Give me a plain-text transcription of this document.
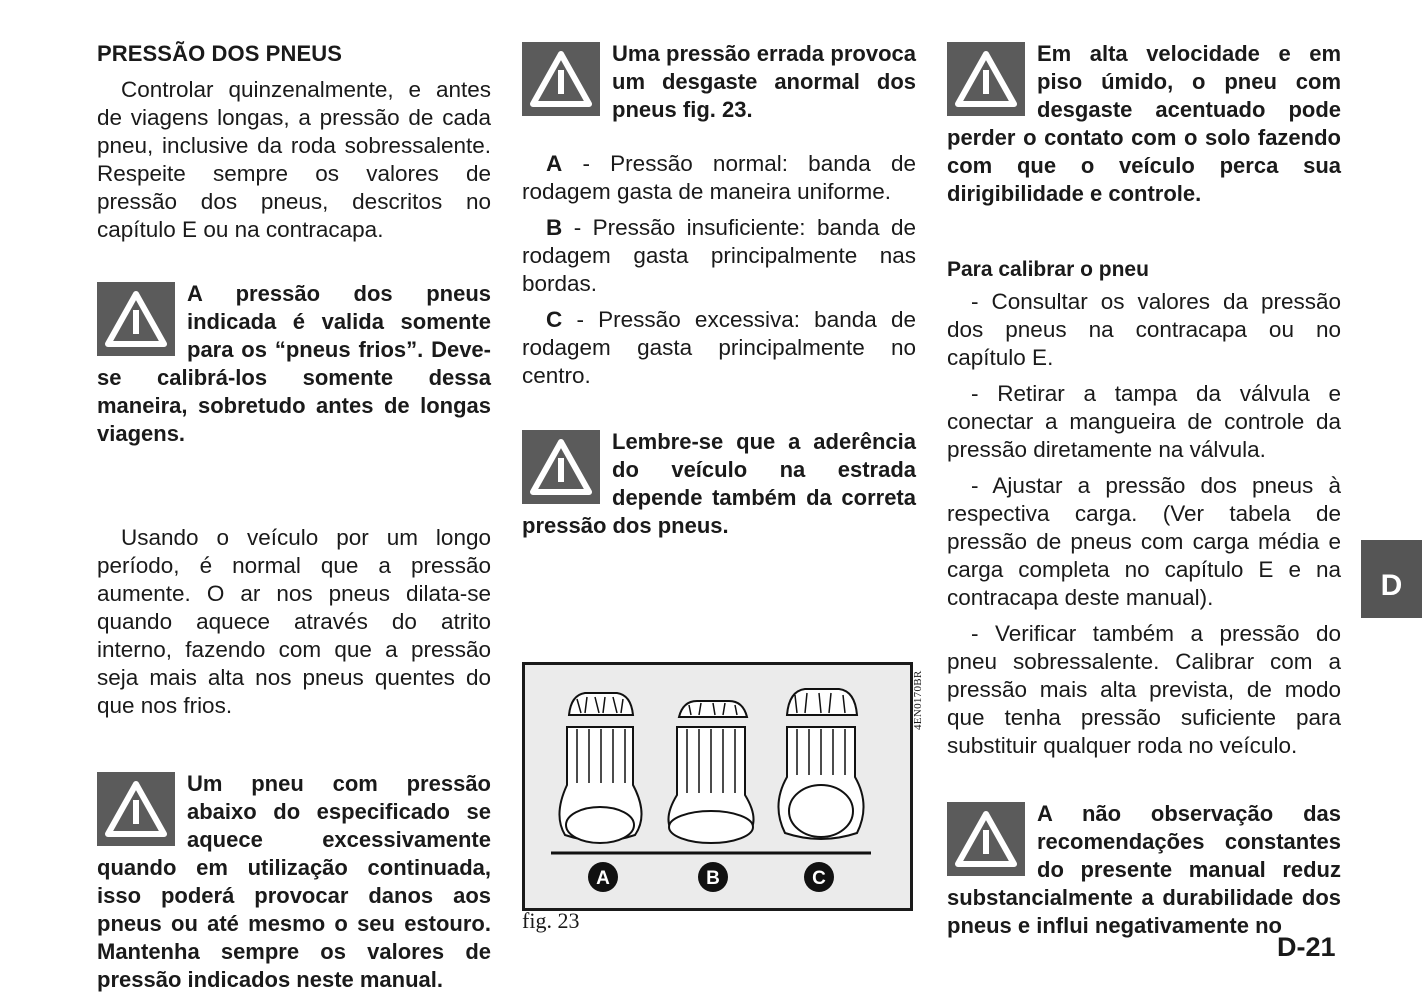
PRESSÃO DOS PNEUS

Controlar quinzenalmente, e antes de viagens longas, a pressão de cada pneu, inclusive da roda sobressalente. Respeite sempre os valores de pressão dos pneus, descritos no capítulo E ou na contracapa.

A pressão dos pneus indicada é valida somente para os “pneus frios”. Deve-se calibrá-los somente dessa maneira, sobretudo antes de longas viagens.

Usando o veículo por um longo período, é normal que a pressão aumente. O ar nos pneus dilata-se quando aquece através do atrito interno, fazendo com que a pressão seja mais alta nos pneus quentes do que nos frios.

Um pneu com pressão abaixo do especificado se aquece excessivamente quando em utilização continuada, isso poderá provocar danos aos pneus ou até mesmo o seu estouro. Mantenha sempre os valores de pressão indicados neste manual.
Uma pressão errada provoca um desgaste anormal dos pneus fig. 23.

A - Pressão normal: banda de rodagem gasta de maneira uniforme.

B - Pressão insuficiente: banda de rodagem gasta principalmente nas bordas.

C - Pressão excessiva: banda de rodagem gasta principalmente no centro.

Lembre-se que a aderência do veículo na estrada depende também da correta pressão dos pneus.
A	B	C
4EN0170BR
fig. 23
Em alta velocidade e em piso úmido, o pneu com desgaste acentuado pode perder o contato com o solo fazendo com que o veículo perca sua dirigibilidade e controle.
Para calibrar o pneu

- Consultar os valores da pressão dos pneus na contracapa ou no capítulo E.

- Retirar a tampa da válvula e conectar a mangueira de controle da pressão diretamente na válvula.

- Ajustar a pressão dos pneus à respectiva carga. (Ver tabela de pressão de pneus com carga média e carga completa no capítulo E e na contracapa deste manual).

- Verificar também a pressão do pneu sobressalente. Calibrar com a pressão mais alta prevista, de modo que tenha pressão suficiente para substituir qualquer roda no veículo.

A não observação das recomendações constantes do presente manual reduz substancialmente a durabilidade dos pneus e influi negativamente no
D
D-21
